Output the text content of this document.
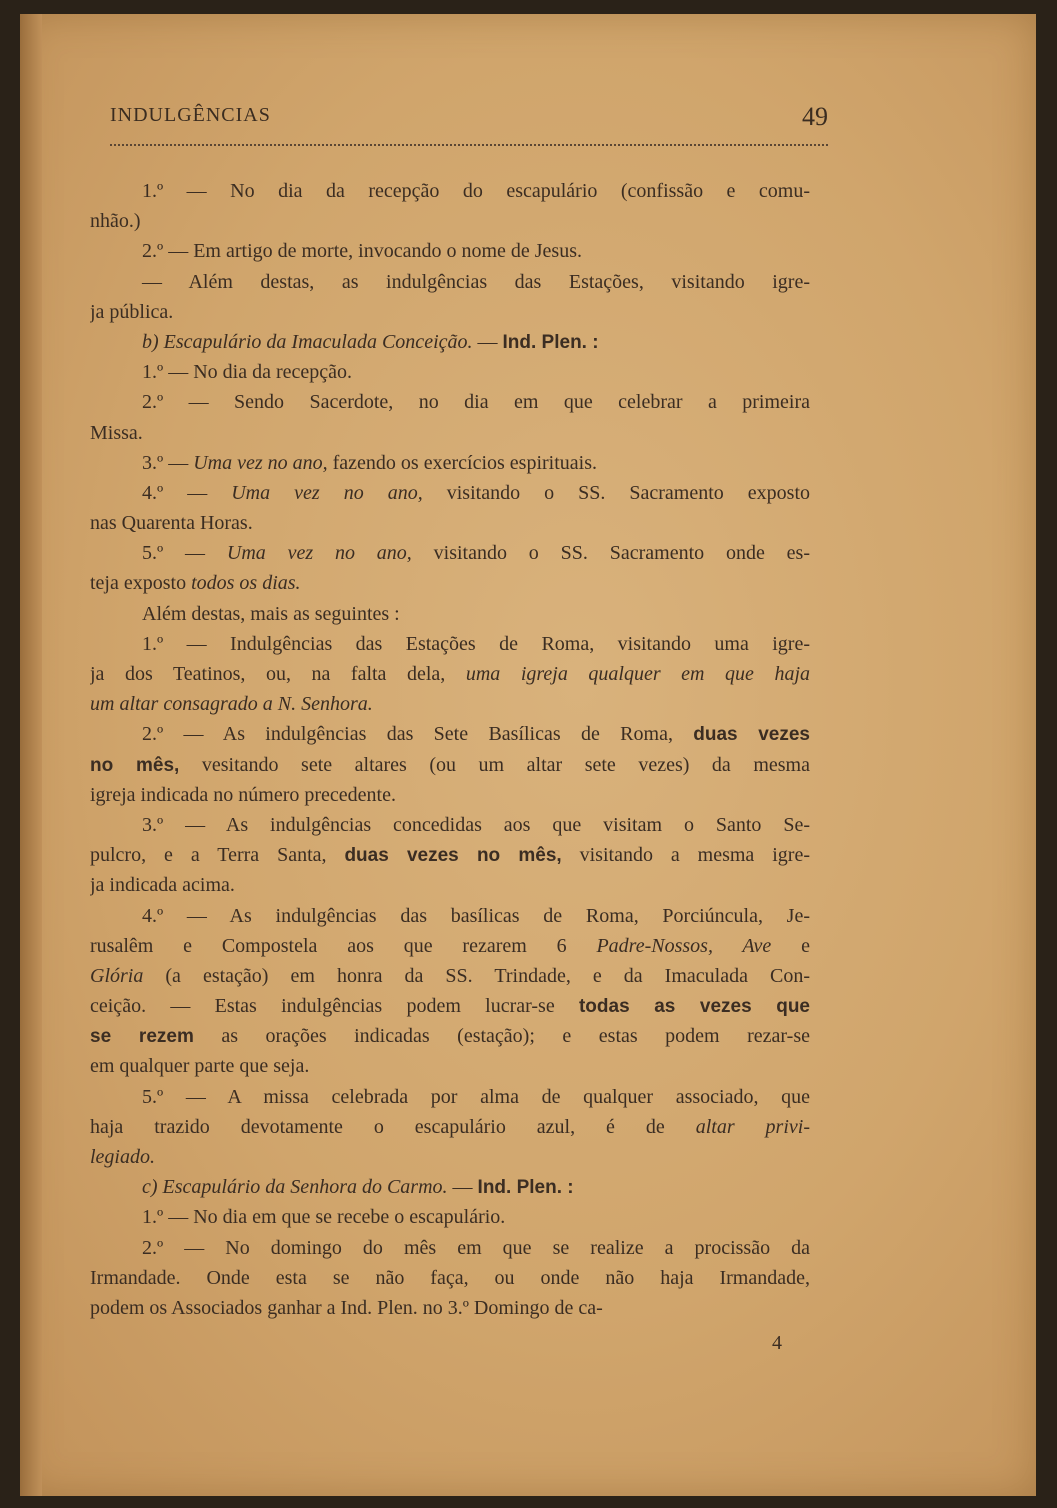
INDULGÊNCIAS	49
4
1.º — No dia da recepção do escapulário (confissão e comu-
nhão.)
2.º — Em artigo de morte, invocando o nome de Jesus.
— Além destas, as indulgências das Estações, visitando igre-
ja pública.
b) Escapulário da Imaculada Conceição. — Ind. Plen. :
1.º — No dia da recepção.
2.º — Sendo Sacerdote, no dia em que celebrar a primeira
Missa.
3.º — Uma vez no ano, fazendo os exercícios espirituais.
4.º — Uma vez no ano, visitando o SS. Sacramento exposto
nas Quarenta Horas.
5.º — Uma vez no ano, visitando o SS. Sacramento onde es-
teja exposto todos os dias.
Além destas, mais as seguintes :
1.º — Indulgências das Estações de Roma, visitando uma igre-
ja dos Teatinos, ou, na falta dela, uma igreja qualquer em que haja
um altar consagrado a N. Senhora.
2.º — As indulgências das Sete Basílicas de Roma, duas vezes
no mês, vesitando sete altares (ou um altar sete vezes) da mesma
igreja indicada no número precedente.
3.º — As indulgências concedidas aos que visitam o Santo Se-
pulcro, e a Terra Santa, duas vezes no mês, visitando a mesma igre-
ja indicada acima.
4.º — As indulgências das basílicas de Roma, Porciúncula, Je-
rusalêm e Compostela aos que rezarem 6 Padre-Nossos, Ave e
Glória (a estação) em honra da SS. Trindade, e da Imaculada Con-
ceição. — Estas indulgências podem lucrar-se todas as vezes que
se rezem as orações indicadas (estação); e estas podem rezar-se
em qualquer parte que seja.
5.º — A missa celebrada por alma de qualquer associado, que
haja trazido devotamente o escapulário azul, é de altar privi-
legiado.
c) Escapulário da Senhora do Carmo. — Ind. Plen. :
1.º — No dia em que se recebe o escapulário.
2.º — No domingo do mês em que se realize a procissão da
Irmandade. Onde esta se não faça, ou onde não haja Irmandade,
podem os Associados ganhar a Ind. Plen. no 3.º Domingo de ca-
